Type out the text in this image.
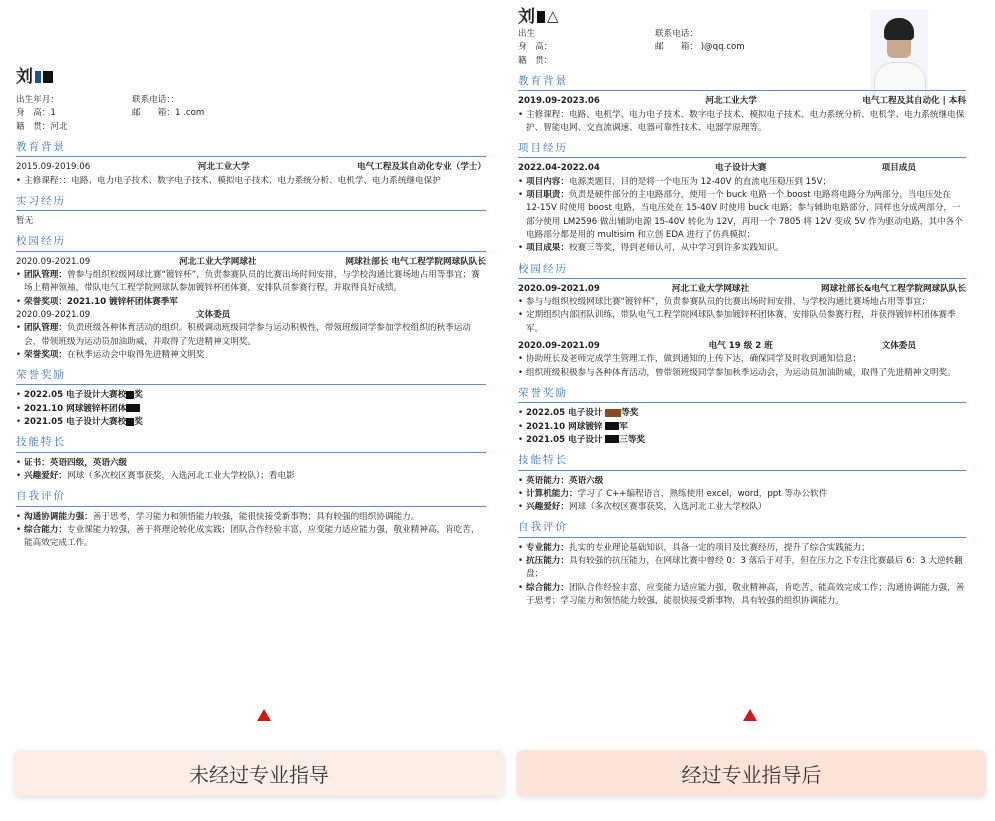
刘
出生年月：	联系电话：：
身　高：1	邮　　箱：1 .com
籍　贯：河北
教育背景
2015.09-2019.06	河北工业大学	电气工程及其自动化专业（学士）
• 主修课程：：电路、电力电子技术、数字电子技术、模拟电子技术、电力系统分析、电机学、电力系统继电保护
实习经历
暂无
校园经历
2020.09-2021.09	河北工业大学网球社	网球社部长 电气工程学院网球队队长
• 团队管理：曾参与组织校级网球比赛“镀锌杯”，负责参赛队员的比赛出场时间安排，与学校沟通比赛场地占用等事宜；赛场上精神领袖，带队电气工程学院网球队参加镀锌杯团体赛，安排队员参赛行程，并取得良好成绩。
• 荣誉奖项：2021.10 镀锌杯团体赛季军
2020.09-2021.09	文体委员
• 团队管理：负责班级各种体育活动的组织。积极调动班级同学参与运动积极性，带领班级同学参加学校组织的秋季运动会，带领班级为运动员加油助威，并取得了先进精神文明奖。
• 荣誉奖项：在秋季运动会中取得先进精神文明奖
荣誉奖励
• 2022.05 电子设计大赛校 奖
• 2021.10 网球镀锌杯团体
• 2021.05 电子设计大赛校 奖
技能特长
• 证书：英语四级，英语六级
• 兴趣爱好：网球（多次校区赛事获奖，入选河北工业大学校队）；看电影
自我评价
• 沟通协调能力强：善于思考，学习能力和领悟能力较强，能很快接受新事物；具有较强的组织协调能力。
• 综合能力：专业课能力较强，善于将理论转化成实践；团队合作经验丰富，应变能力适应能力强，敬业精神高，肯吃苦，能高效完成工作。
刘 △
出生	联系电话：
身　高：	邮　　箱： )@qq.com
籍　贯：
教育背景
2019.09-2023.06	河北工业大学	电气工程及其自动化 | 本科
• 主修课程：电路、电机学、电力电子技术、数字电子技术、模拟电子技术、电力系统分析、电机学、电力系统继电保护、智能电网、交直流调速、电器可靠性技术、电器学原理等。
项目经历
2022.04-2022.04	电子设计大赛	项目成员
• 项目内容：电源类题目，目的是将一个电压为 12-40V 的直流电压稳压到 15V；
• 项目职责：负责是硬件部分的主电路部分，使用一个 buck 电路一个 boost 电路将电路分为两部分，当电压处在 12-15V 时使用 boost 电路，当电压处在 15-40V 时使用 buck 电路；参与辅助电路部分，同样也分成两部分，一部分使用 LM2596 做出辅助电源 15-40V 转化为 12V，再用一个 7805 将 12V 变成 5V 作为驱动电路，其中各个电路部分都是用的 multisim 和立创 EDA 进行了仿真模拟；
• 项目成果：校赛三等奖，得到老师认可，从中学习到许多实践知识。
校园经历
2020.09-2021.09	河北工业大学网球社	网球社部长&电气工程学院网球队队长
• 参与与组织校级网球比赛“镀锌杯”，负责参赛队员的比赛出场时间安排，与学校沟通比赛场地占用等事宜；
• 定期组织内部团队训练，带队电气工程学院网球队参加镀锌杯团体赛，安排队员参赛行程，并获得镀锌杯团体赛季军。
2020.09-2021.09	电气 19 级 2 班	文体委员
• 协助班长及老师完成学生管理工作，做到通知的上传下达，确保同学及时收到通知信息；
• 组织班级积极参与各种体育活动，曾带领班级同学参加秋季运动会，为运动员加油助威，取得了先进精神文明奖。
荣誉奖励
• 2022.05 电子设计 等奖
• 2021.10 网球镀锌 军
• 2021.05 电子设计 三等奖
技能特长
• 英语能力：英语六级
• 计算机能力：学习了 C++编程语言，熟练使用 excel，word，ppt 等办公软件
• 兴趣爱好：网球（多次校区赛事获奖，入选河北工业大学校队）
自我评价
• 专业能力：扎实的专业理论基础知识，具备一定的项目及比赛经历，提升了综合实践能力；
• 抗压能力：具有较强的抗压能力，在网球比赛中曾经 0：3 落后于对手，但在压力之下专注比赛最后 6：3 大逆转翻盘；
• 综合能力：团队合作经验丰富，应变能力适应能力强，敬业精神高，肯吃苦，能高效完成工作；沟通协调能力强，善于思考；学习能力和领悟能力较强，能很快接受新事物，具有较强的组织协调能力。
未经过专业指导	经过专业指导后
